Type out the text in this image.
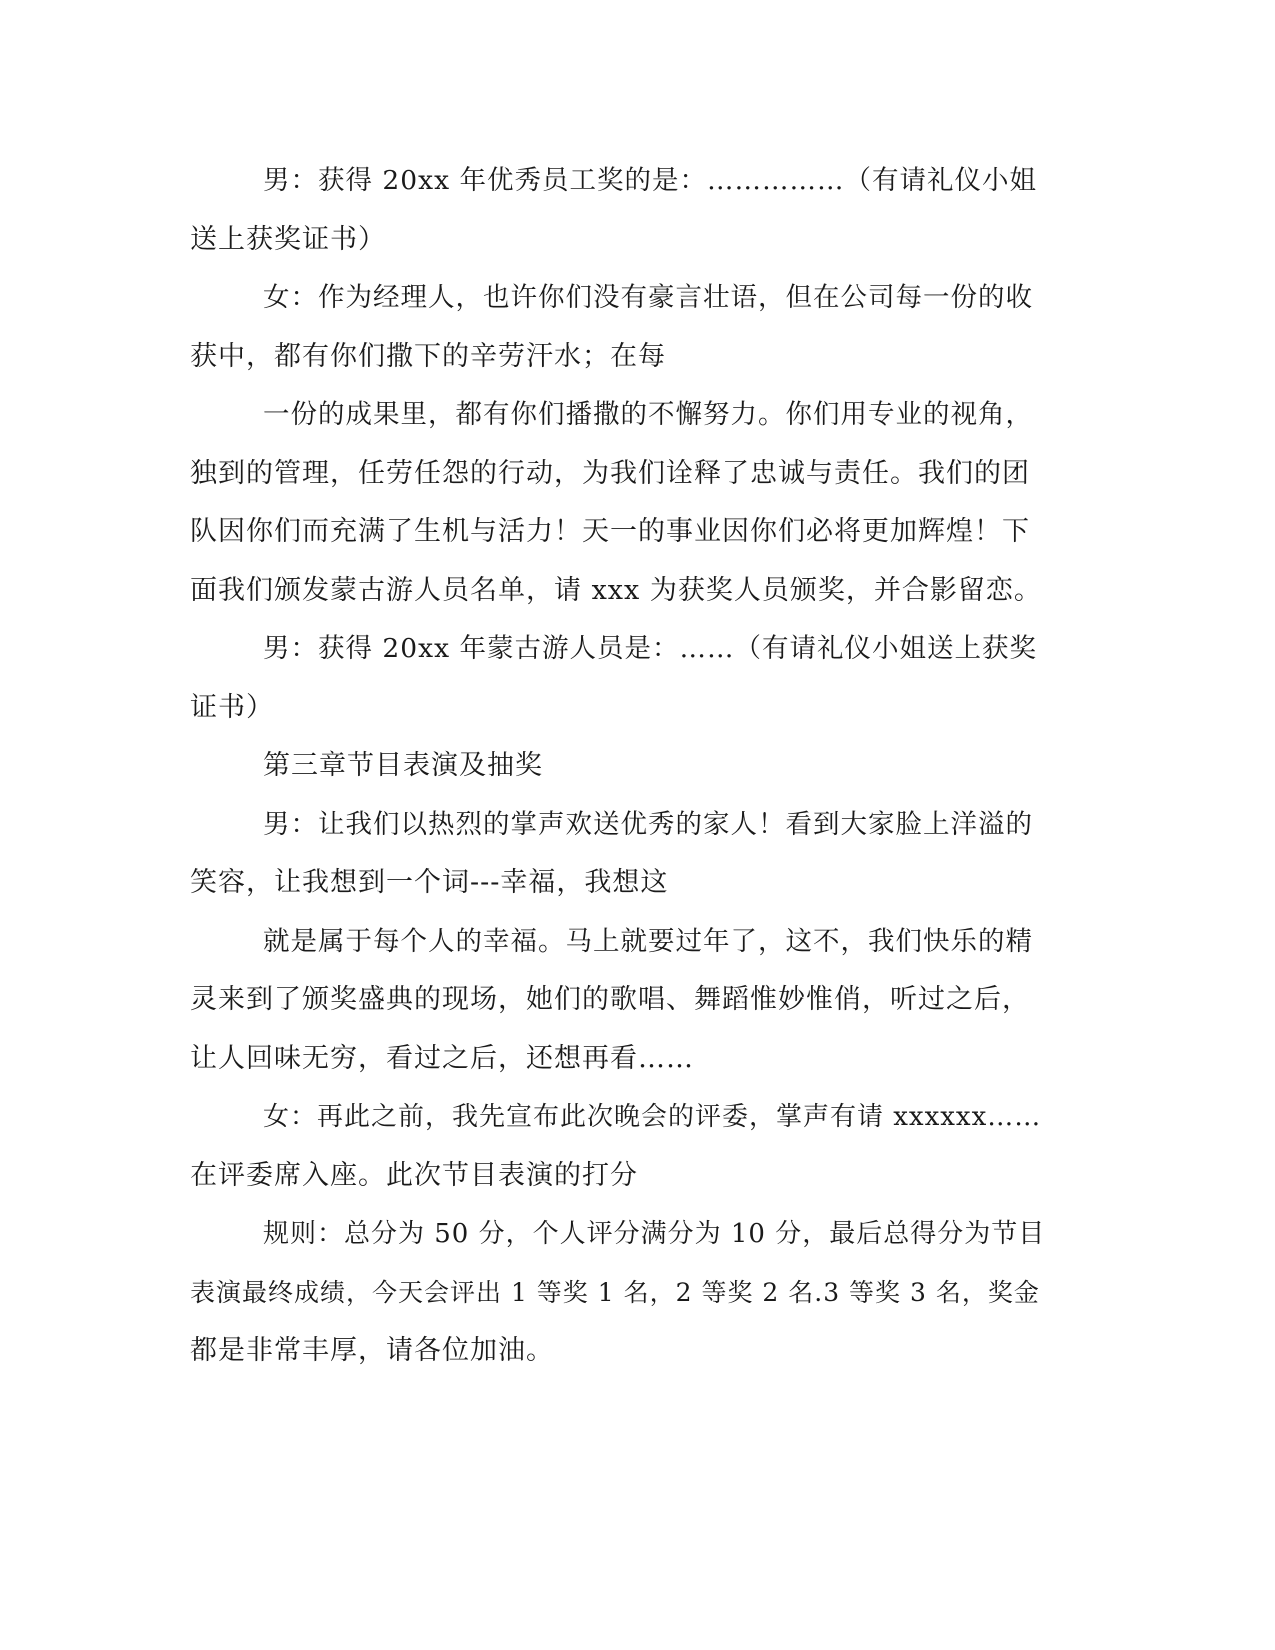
男：获得 20xx 年优秀员工奖的是：……………（有请礼仪小姐
送上获奖证书）
女：作为经理人，也许你们没有豪言壮语，但在公司每一份的收
获中，都有你们撒下的辛劳汗水；在每
一份的成果里，都有你们播撒的不懈努力。你们用专业的视角，
独到的管理，任劳任怨的行动，为我们诠释了忠诚与责任。我们的团
队因你们而充满了生机与活力！天一的事业因你们必将更加辉煌！下
面我们颁发蒙古游人员名单，请 xxx 为获奖人员颁奖，并合影留恋。
男：获得 20xx 年蒙古游人员是：……（有请礼仪小姐送上获奖
证书）
第三章节目表演及抽奖
男：让我们以热烈的掌声欢送优秀的家人！看到大家脸上洋溢的
笑容，让我想到一个词---幸福，我想这
就是属于每个人的幸福。马上就要过年了，这不，我们快乐的精
灵来到了颁奖盛典的现场，她们的歌唱、舞蹈惟妙惟俏，听过之后，
让人回味无穷，看过之后，还想再看……
女：再此之前，我先宣布此次晚会的评委，掌声有请 xxxxxx……
在评委席入座。此次节目表演的打分
规则：总分为 50 分，个人评分满分为 10 分，最后总得分为节目
表演最终成绩，今天会评出 1 等奖 1 名，2 等奖 2 名.3 等奖 3 名，奖金
都是非常丰厚，请各位加油。
